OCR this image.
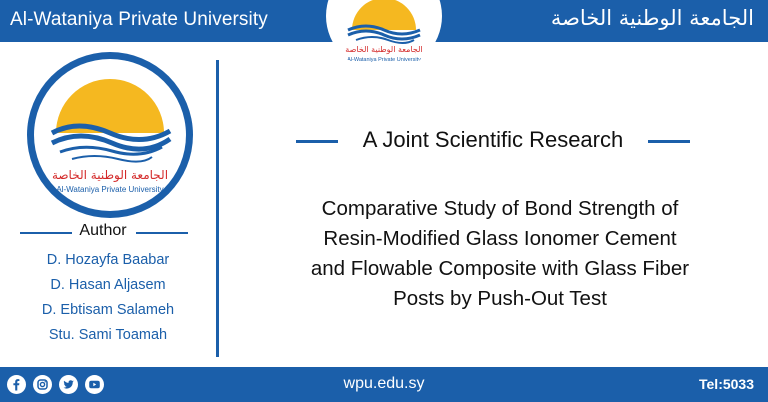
Al-Wataniya Private University	الجامعة الوطنية الخاصة
الجامعة الوطنية الخاصة
Al-Wataniya Private University
الجامعة الوطنية الخاصة
Al-Wataniya Private University
Author
D. Hozayfa Baabar
D. Hasan Aljasem
D. Ebtisam Salameh
Stu. Sami Toamah
A Joint Scientific Research
Comparative Study of Bond Strength of
Resin-Modified Glass Ionomer Cement
and Flowable Composite with Glass Fiber
Posts by Push-Out Test
wpu.edu.sy	Tel:5033
